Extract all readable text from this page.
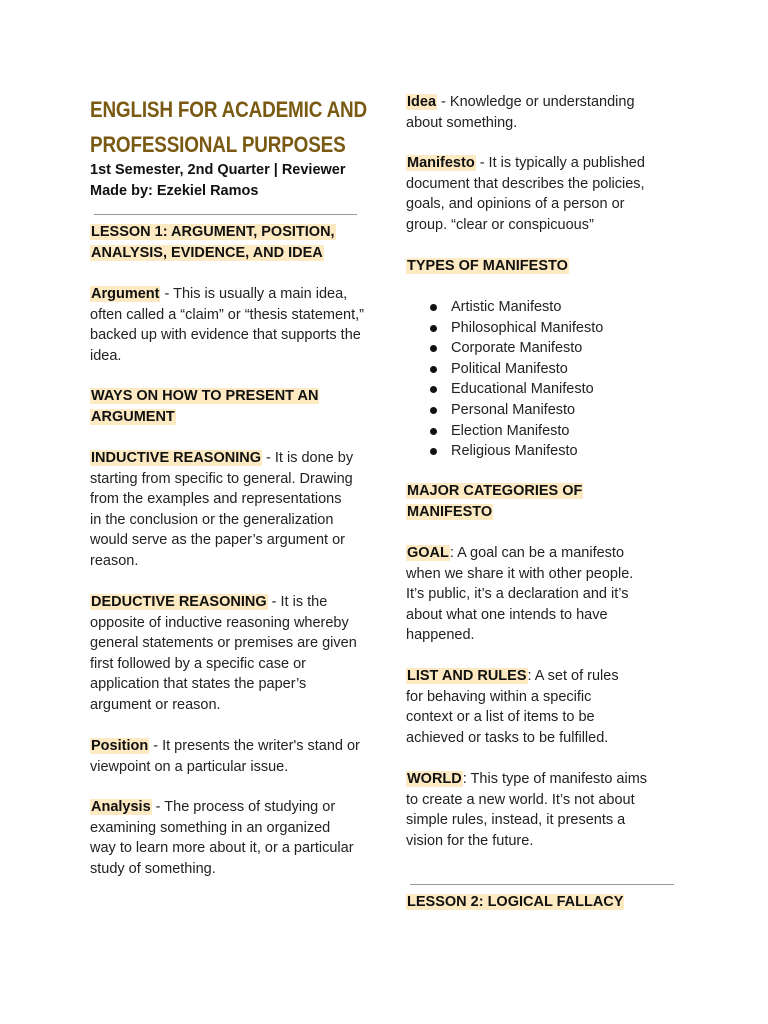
ENGLISH FOR ACADEMIC AND
PROFESSIONAL PURPOSES
1st Semester, 2nd Quarter | Reviewer
Made by: Ezekiel Ramos
LESSON 1: ARGUMENT, POSITION, ANALYSIS, EVIDENCE, AND IDEA
Argument - This is usually a main idea, often called a “claim” or “thesis statement,” backed up with evidence that supports the idea.
WAYS ON HOW TO PRESENT AN ARGUMENT
INDUCTIVE REASONING - It is done by starting from specific to general. Drawing from the examples and representations in the conclusion or the generalization would serve as the paper’s argument or reason.
DEDUCTIVE REASONING - It is the opposite of inductive reasoning whereby general statements or premises are given first followed by a specific case or application that states the paper’s argument or reason.
Position - It presents the writer's stand or viewpoint on a particular issue.
Analysis - The process of studying or examining something in an organized way to learn more about it, or a particular study of something.
Idea - Knowledge or understanding about something.
Manifesto - It is typically a published document that describes the policies, goals, and opinions of a person or group. “clear or conspicuous”
TYPES OF MANIFESTO
Artistic Manifesto
Philosophical Manifesto
Corporate Manifesto
Political Manifesto
Educational Manifesto
Personal Manifesto
Election Manifesto
Religious Manifesto
MAJOR CATEGORIES OF MANIFESTO
GOAL: A goal can be a manifesto when we share it with other people. It’s public, it’s a declaration and it’s about what one intends to have happened.
LIST AND RULES: A set of rules for behaving within a specific context or a list of items to be achieved or tasks to be fulfilled.
WORLD: This type of manifesto aims to create a new world. It’s not about simple rules, instead, it presents a vision for the future.
LESSON 2: LOGICAL FALLACY
